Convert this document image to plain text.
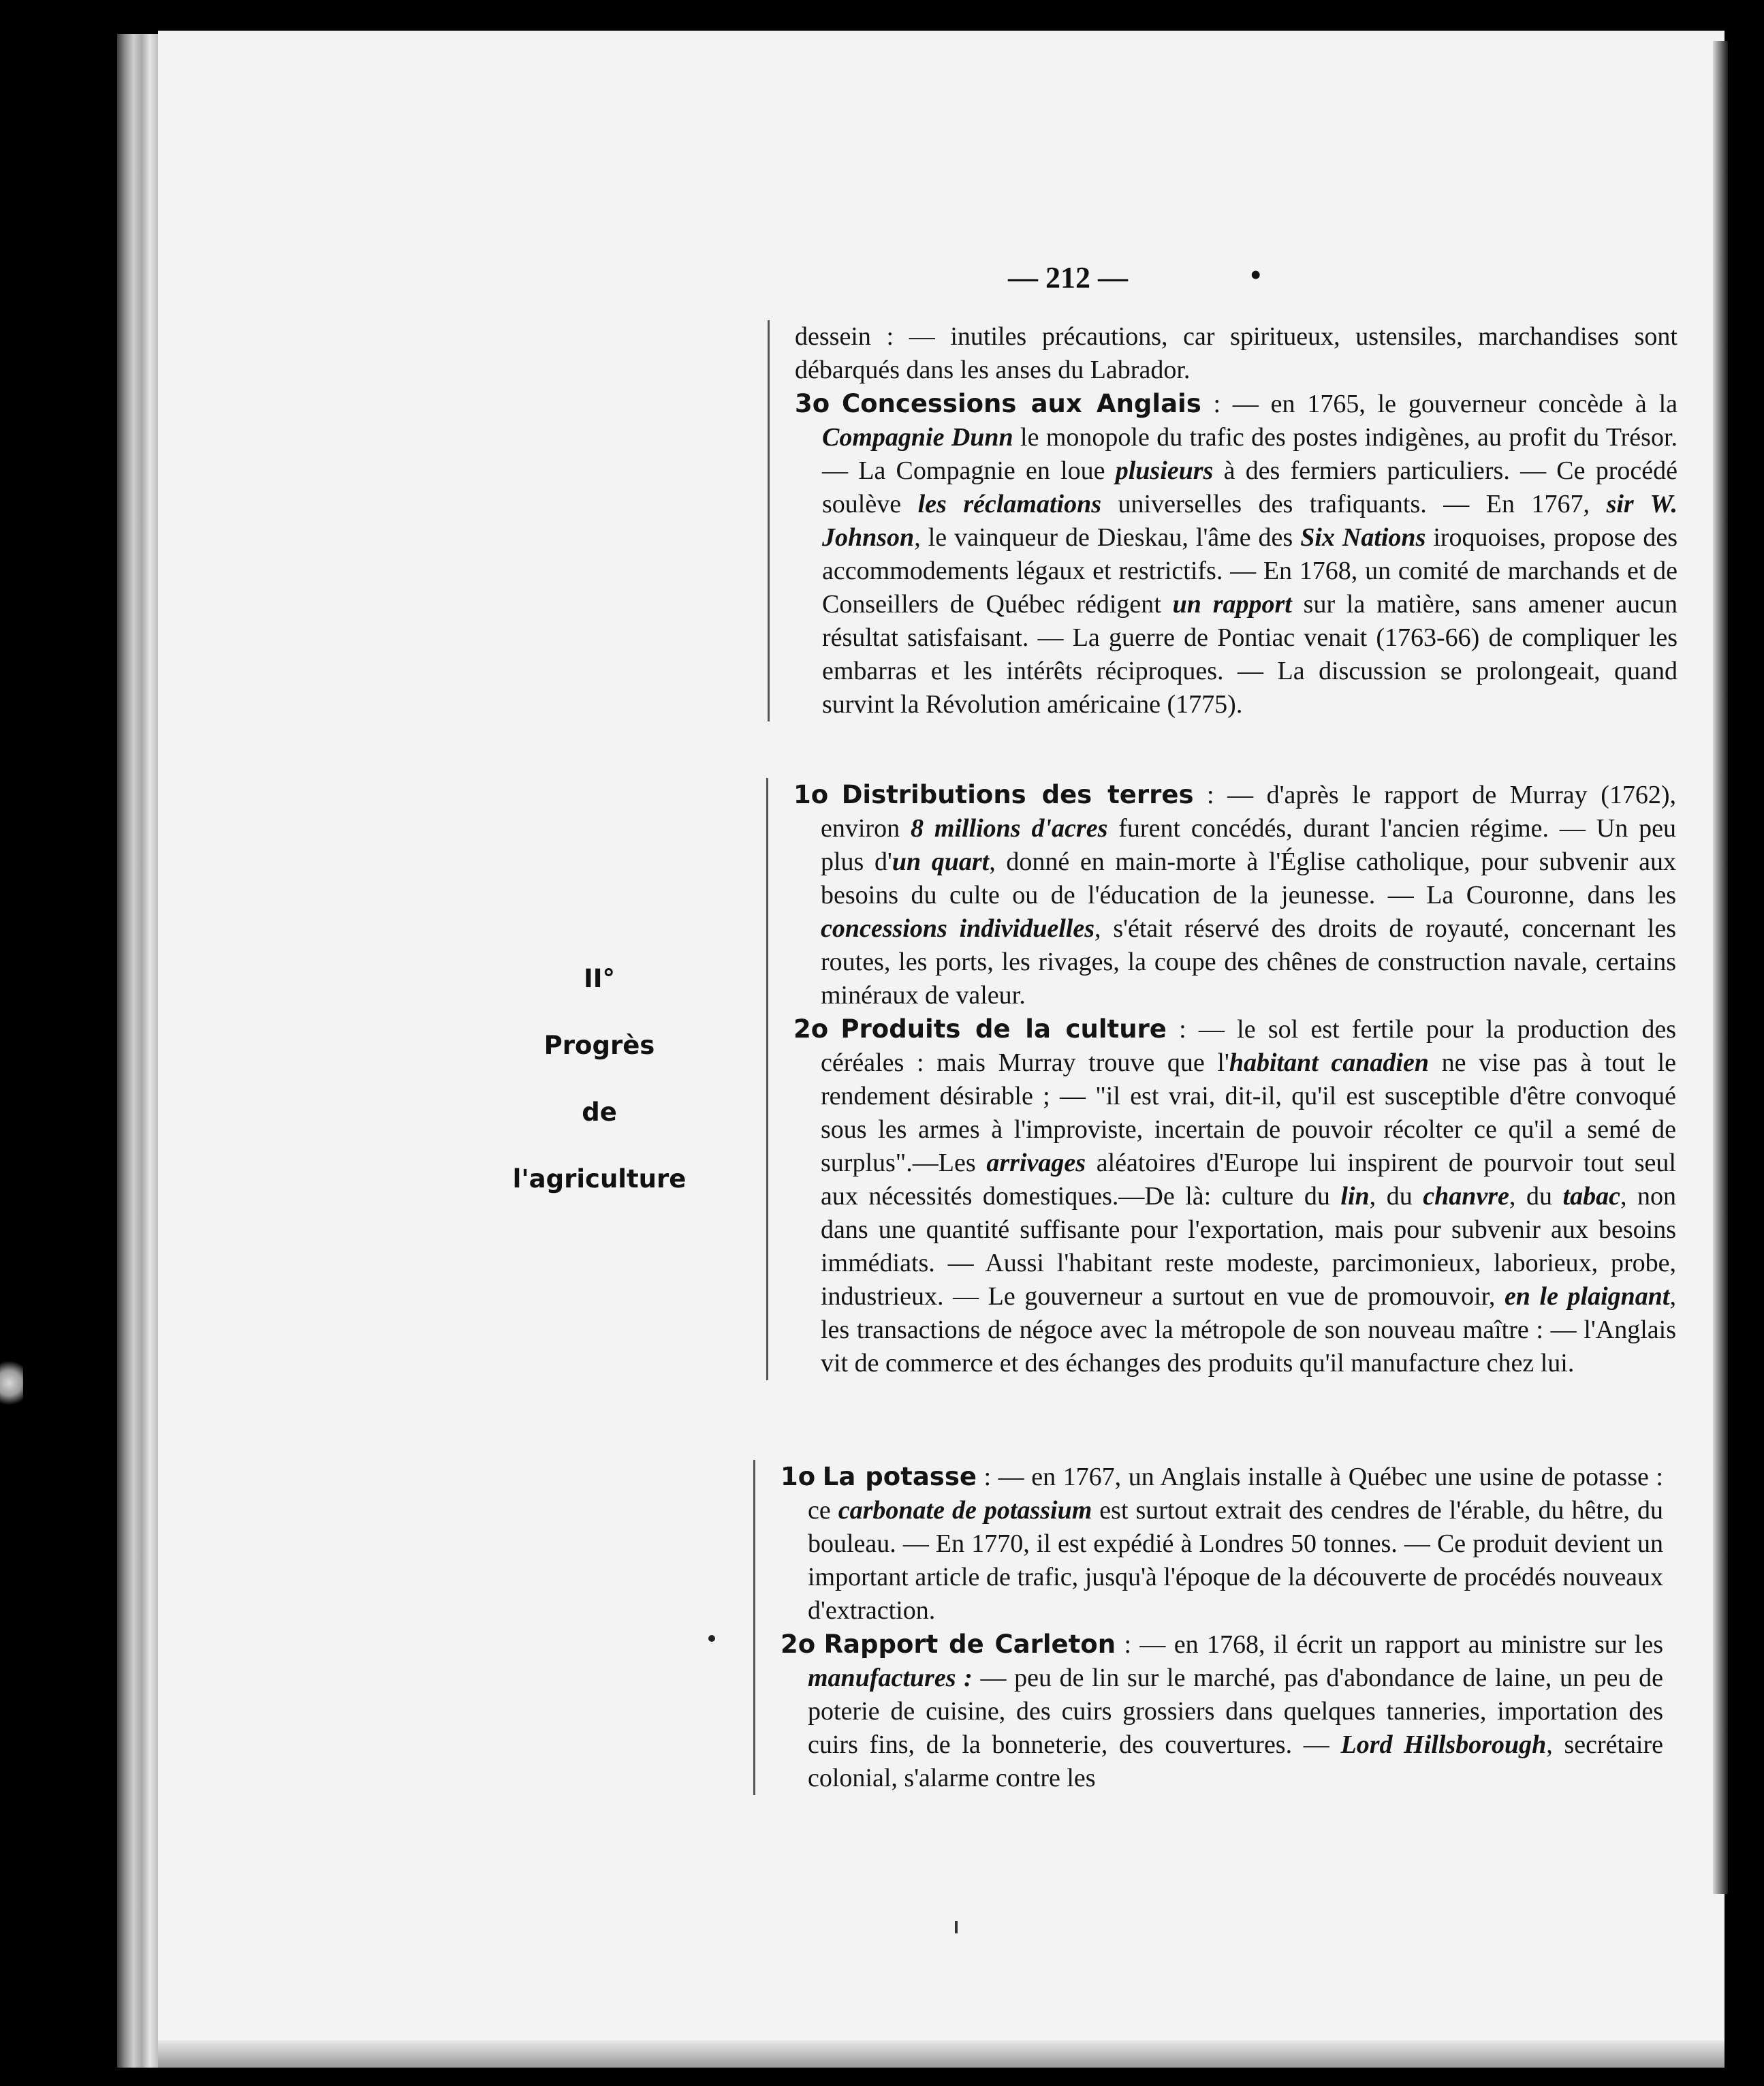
— 212 —	•

dessein : — inutiles précautions, car spiritueux, ustensiles, marchandises sont débarqués dans les anses du Labrador.

3o Concessions aux Anglais : — en 1765, le gouverneur concède à la Compagnie Dunn le monopole du trafic des postes indigènes, au profit du Trésor. — La Compagnie en loue plusieurs à des fermiers particuliers. — Ce procédé soulève les réclamations universelles des trafiquants. — En 1767, sir W. Johnson, le vainqueur de Dieskau, l'âme des Six Nations iroquoises, propose des accommodements légaux et restrictifs. — En 1768, un comité de marchands et de Conseillers de Québec rédigent un rapport sur la matière, sans amener aucun résultat satisfaisant. — La guerre de Pontiac venait (1763-66) de compliquer les embarras et les intérêts réciproques. — La discussion se prolongeait, quand survint la Révolution américaine (1775).

II°
Progrès
de
l'agriculture

1o Distributions des terres : — d'après le rapport de Murray (1762), environ 8 millions d'acres furent concédés, durant l'ancien régime. — Un peu plus d'un quart, donné en main-morte à l'Église catholique, pour subvenir aux besoins du culte ou de l'éducation de la jeunesse. — La Couronne, dans les concessions individuelles, s'était réservé des droits de royauté, concernant les routes, les ports, les rivages, la coupe des chênes de construction navale, certains minéraux de valeur.

2o Produits de la culture : — le sol est fertile pour la production des céréales : mais Murray trouve que l'habitant canadien ne vise pas à tout le rendement désirable ; — "il est vrai, dit-il, qu'il est susceptible d'être convoqué sous les armes à l'improviste, incertain de pouvoir récolter ce qu'il a semé de surplus".—Les arrivages aléatoires d'Europe lui inspirent de pourvoir tout seul aux nécessités domestiques.—De là: culture du lin, du chanvre, du tabac, non dans une quantité suffisante pour l'exportation, mais pour subvenir aux besoins immédiats. — Aussi l'habitant reste modeste, parcimonieux, laborieux, probe, industrieux. — Le gouverneur a surtout en vue de promouvoir, en le plaignant, les transactions de négoce avec la métropole de son nouveau maître : — l'Anglais vit de commerce et des échanges des produits qu'il manufacture chez lui.

1o La potasse : — en 1767, un Anglais installe à Québec une usine de potasse : ce carbonate de potassium est surtout extrait des cendres de l'érable, du hêtre, du bouleau. — En 1770, il est expédié à Londres 50 tonnes. — Ce produit devient un important article de trafic, jusqu'à l'époque de la découverte de procédés nouveaux d'extraction.

2o Rapport de Carleton : — en 1768, il écrit un rapport au ministre sur les manufactures : — peu de lin sur le marché, pas d'abondance de laine, un peu de poterie de cuisine, des cuirs grossiers dans quelques tanneries, importation des cuirs fins, de la bonneterie, des couvertures. — Lord Hillsborough, secrétaire colonial, s'alarme contre les
